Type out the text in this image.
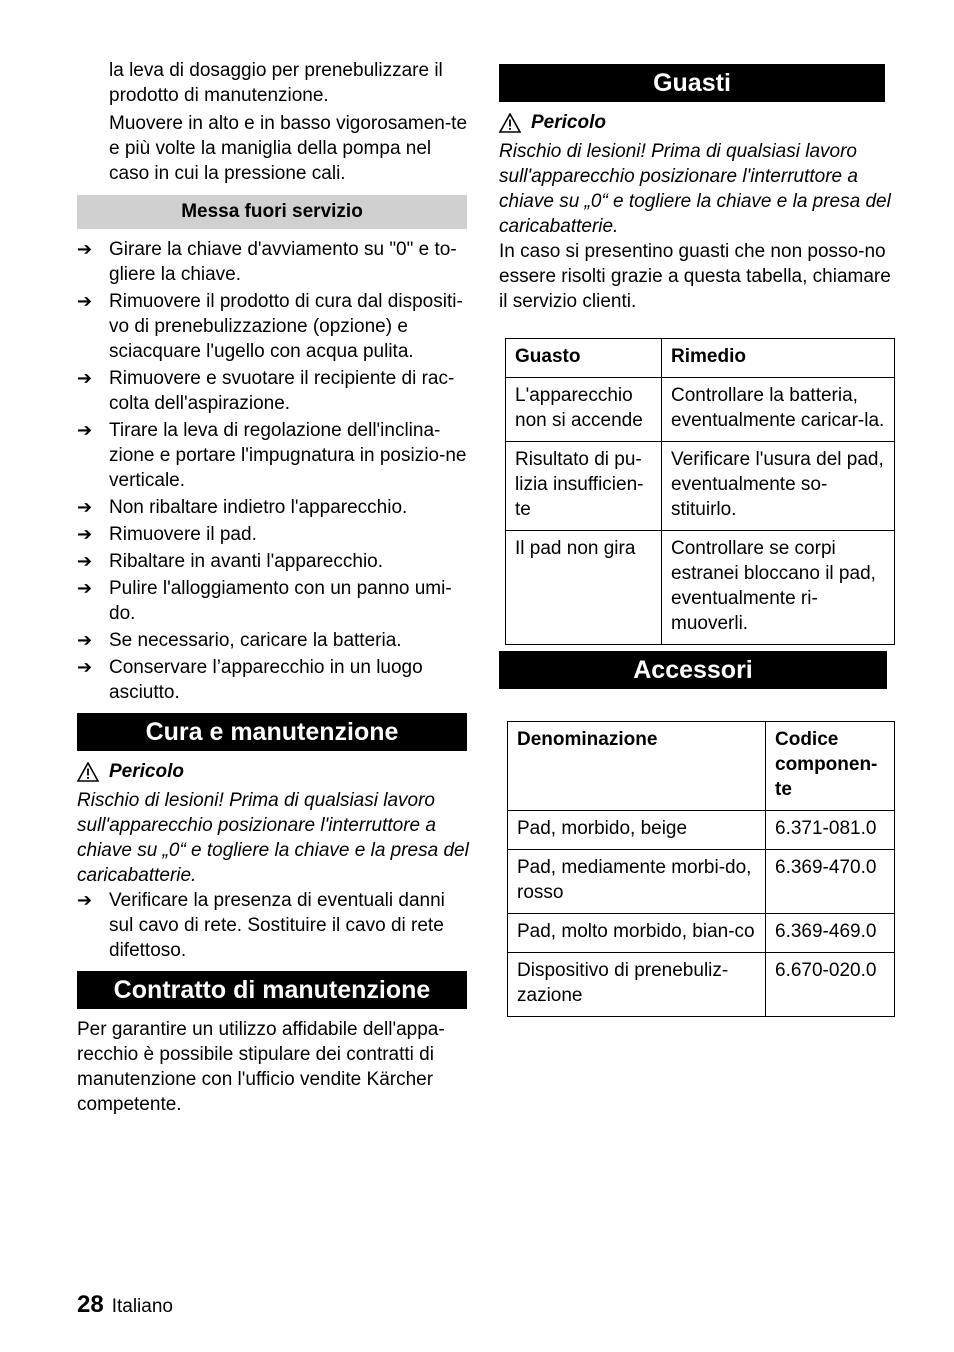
la leva di dosaggio per prenebulizzare il prodotto di manutenzione.

Muovere in alto e in basso vigorosamen-te e più volte la maniglia della pompa nel caso in cui la pressione cali.

Messa fuori servizio
➔ Girare la chiave d'avviamento su "0" e to-gliere la chiave.
➔ Rimuovere il prodotto di cura dal dispositi-vo di prenebulizzazione (opzione) e sciacquare l'ugello con acqua pulita.
➔ Rimuovere e svuotare il recipiente di rac-colta dell'aspirazione.
➔ Tirare la leva di regolazione dell'inclina-zione e portare l'impugnatura in posizio-ne verticale.
➔ Non ribaltare indietro l'apparecchio.
➔ Rimuovere il pad.
➔ Ribaltare in avanti l'apparecchio.
➔ Pulire l'alloggiamento con un panno umi-do.
➔ Se necessario, caricare la batteria.
➔ Conservare l’apparecchio in un luogo asciutto.
Cura e manutenzione
Pericolo

Rischio di lesioni! Prima di qualsiasi lavoro sull'apparecchio posizionare l'interruttore a chiave su „0“ e togliere la chiave e la presa del caricabatterie.

➔ Verificare la presenza di eventuali danni sul cavo di rete. Sostituire il cavo di rete difettoso.
Contratto di manutenzione

Per garantire un utilizzo affidabile dell'appa-recchio è possibile stipulare dei contratti di manutenzione con l'ufficio vendite Kärcher competente.

Guasti
Pericolo

Rischio di lesioni! Prima di qualsiasi lavoro sull'apparecchio posizionare l'interruttore a chiave su „0“ e togliere la chiave e la presa del caricabatterie.

In caso si presentino guasti che non posso-no essere risolti grazie a questa tabella, chiamare il servizio clienti.

Guasto	Rimedio
L'apparecchio non si accende	Controllare la batteria, eventualmente caricar-la.
Risultato di pu-lizia insufficien-te	Verificare l'usura del pad, eventualmente so-stituirlo.
Il pad non gira	Controllare se corpi estranei bloccano il pad, eventualmente ri-muoverli.
Accessori
Denominazione	Codice componen-te
Pad, morbido, beige	6.371-081.0
Pad, mediamente morbi-do, rosso	6.369-470.0
Pad, molto morbido, bian-co	6.369-469.0
Dispositivo di prenebuliz-zazione	6.670-020.0
28 Italiano
